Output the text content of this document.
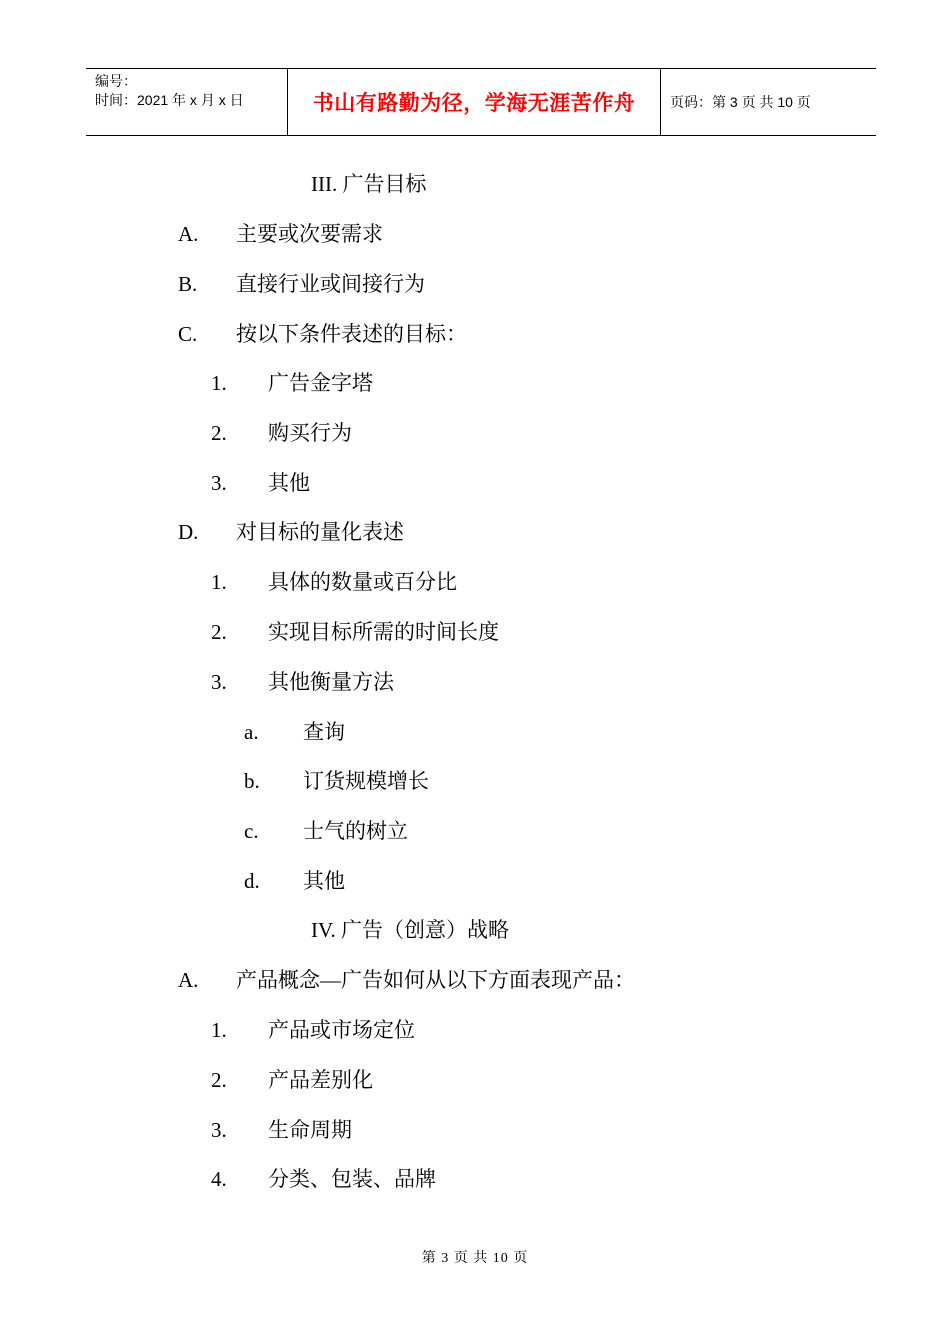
编号：
时间：2021 年 x 月 x 日	书山有路勤为径，学海无涯苦作舟	页码：第 3 页 共 10 页
III. 广告目标
A. 主要或次要需求
B. 直接行业或间接行为
C. 按以下条件表述的目标：
1. 广告金字塔
2. 购买行为
3. 其他
D. 对目标的量化表述
1. 具体的数量或百分比
2. 实现目标所需的时间长度
3. 其他衡量方法
a. 查询
b. 订货规模增长
c. 士气的树立
d. 其他
IV. 广告（创意）战略
A. 产品概念—广告如何从以下方面表现产品：
1. 产品或市场定位
2. 产品差别化
3. 生命周期
4. 分类、包装、品牌
第 3 页 共 10 页
